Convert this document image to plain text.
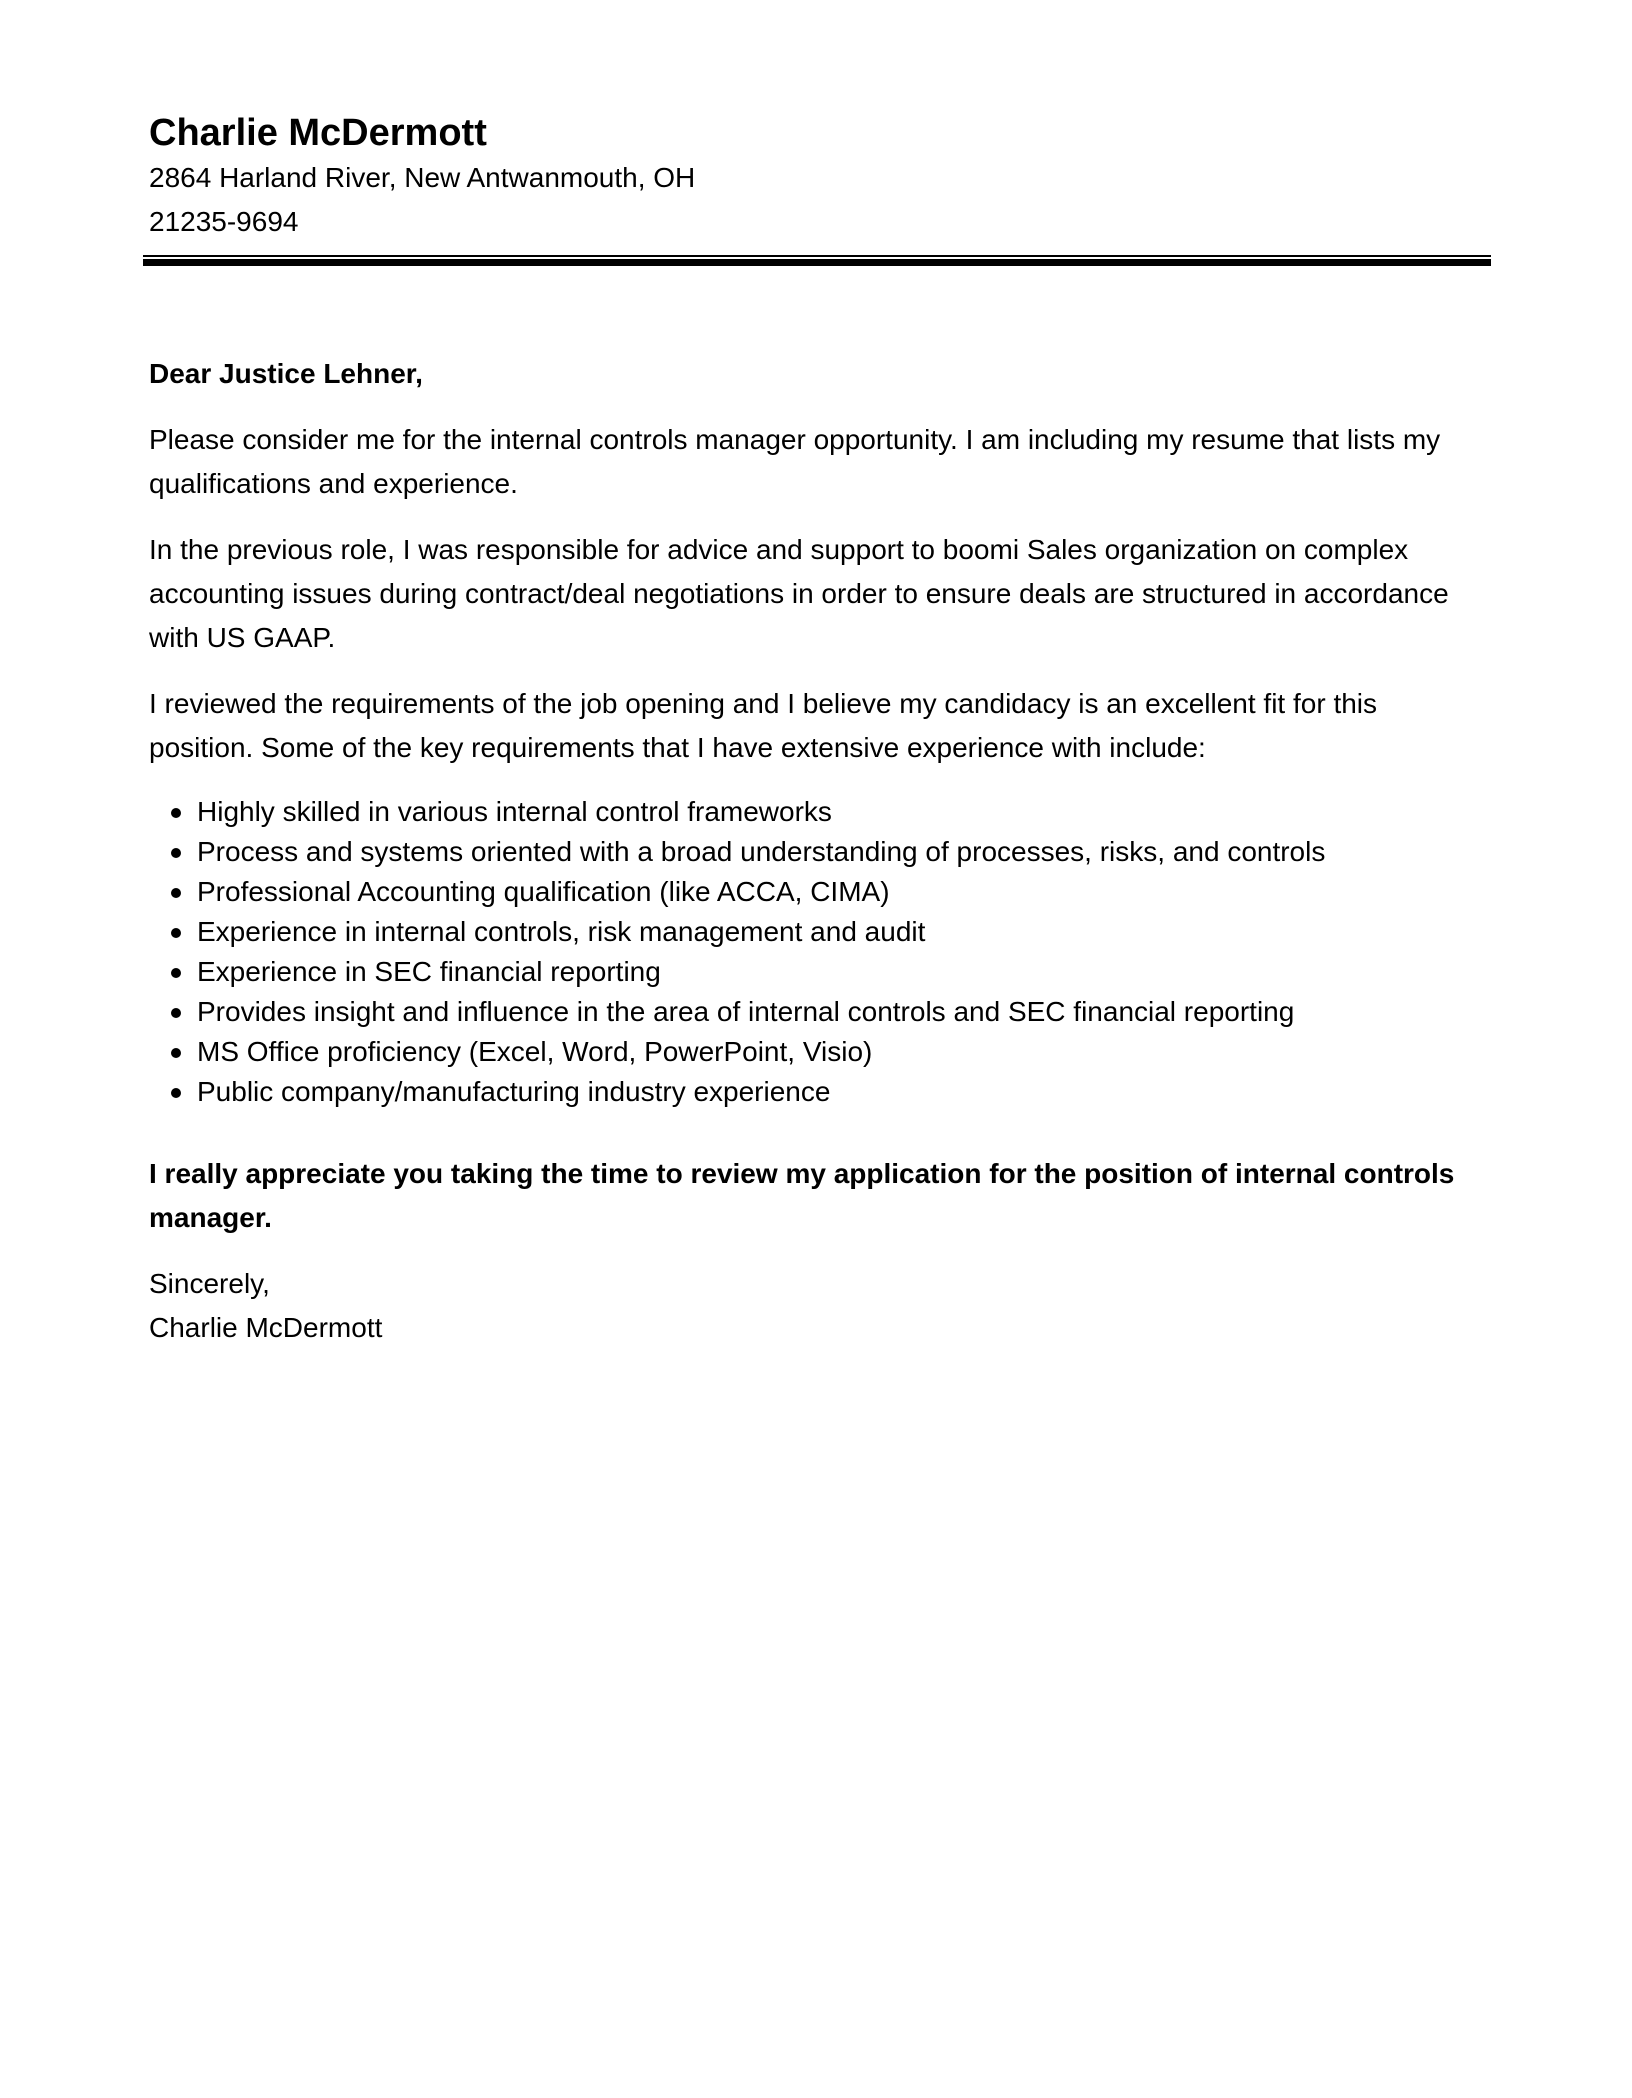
Charlie McDermott

2864 Harland River, New Antwanmouth, OH

21235-9694

Dear Justice Lehner,

Please consider me for the internal controls manager opportunity. I am including my resume that lists my qualifications and experience.

In the previous role, I was responsible for advice and support to boomi Sales organization on complex accounting issues during contract/deal negotiations in order to ensure deals are structured in accordance with US GAAP.

I reviewed the requirements of the job opening and I believe my candidacy is an excellent fit for this position. Some of the key requirements that I have extensive experience with include:

Highly skilled in various internal control frameworks
Process and systems oriented with a broad understanding of processes, risks, and controls
Professional Accounting qualification (like ACCA, CIMA)
Experience in internal controls, risk management and audit
Experience in SEC financial reporting
Provides insight and influence in the area of internal controls and SEC financial reporting
MS Office proficiency (Excel, Word, PowerPoint, Visio)
Public company/manufacturing industry experience

I really appreciate you taking the time to review my application for the position of internal controls manager.

Sincerely,

Charlie McDermott
